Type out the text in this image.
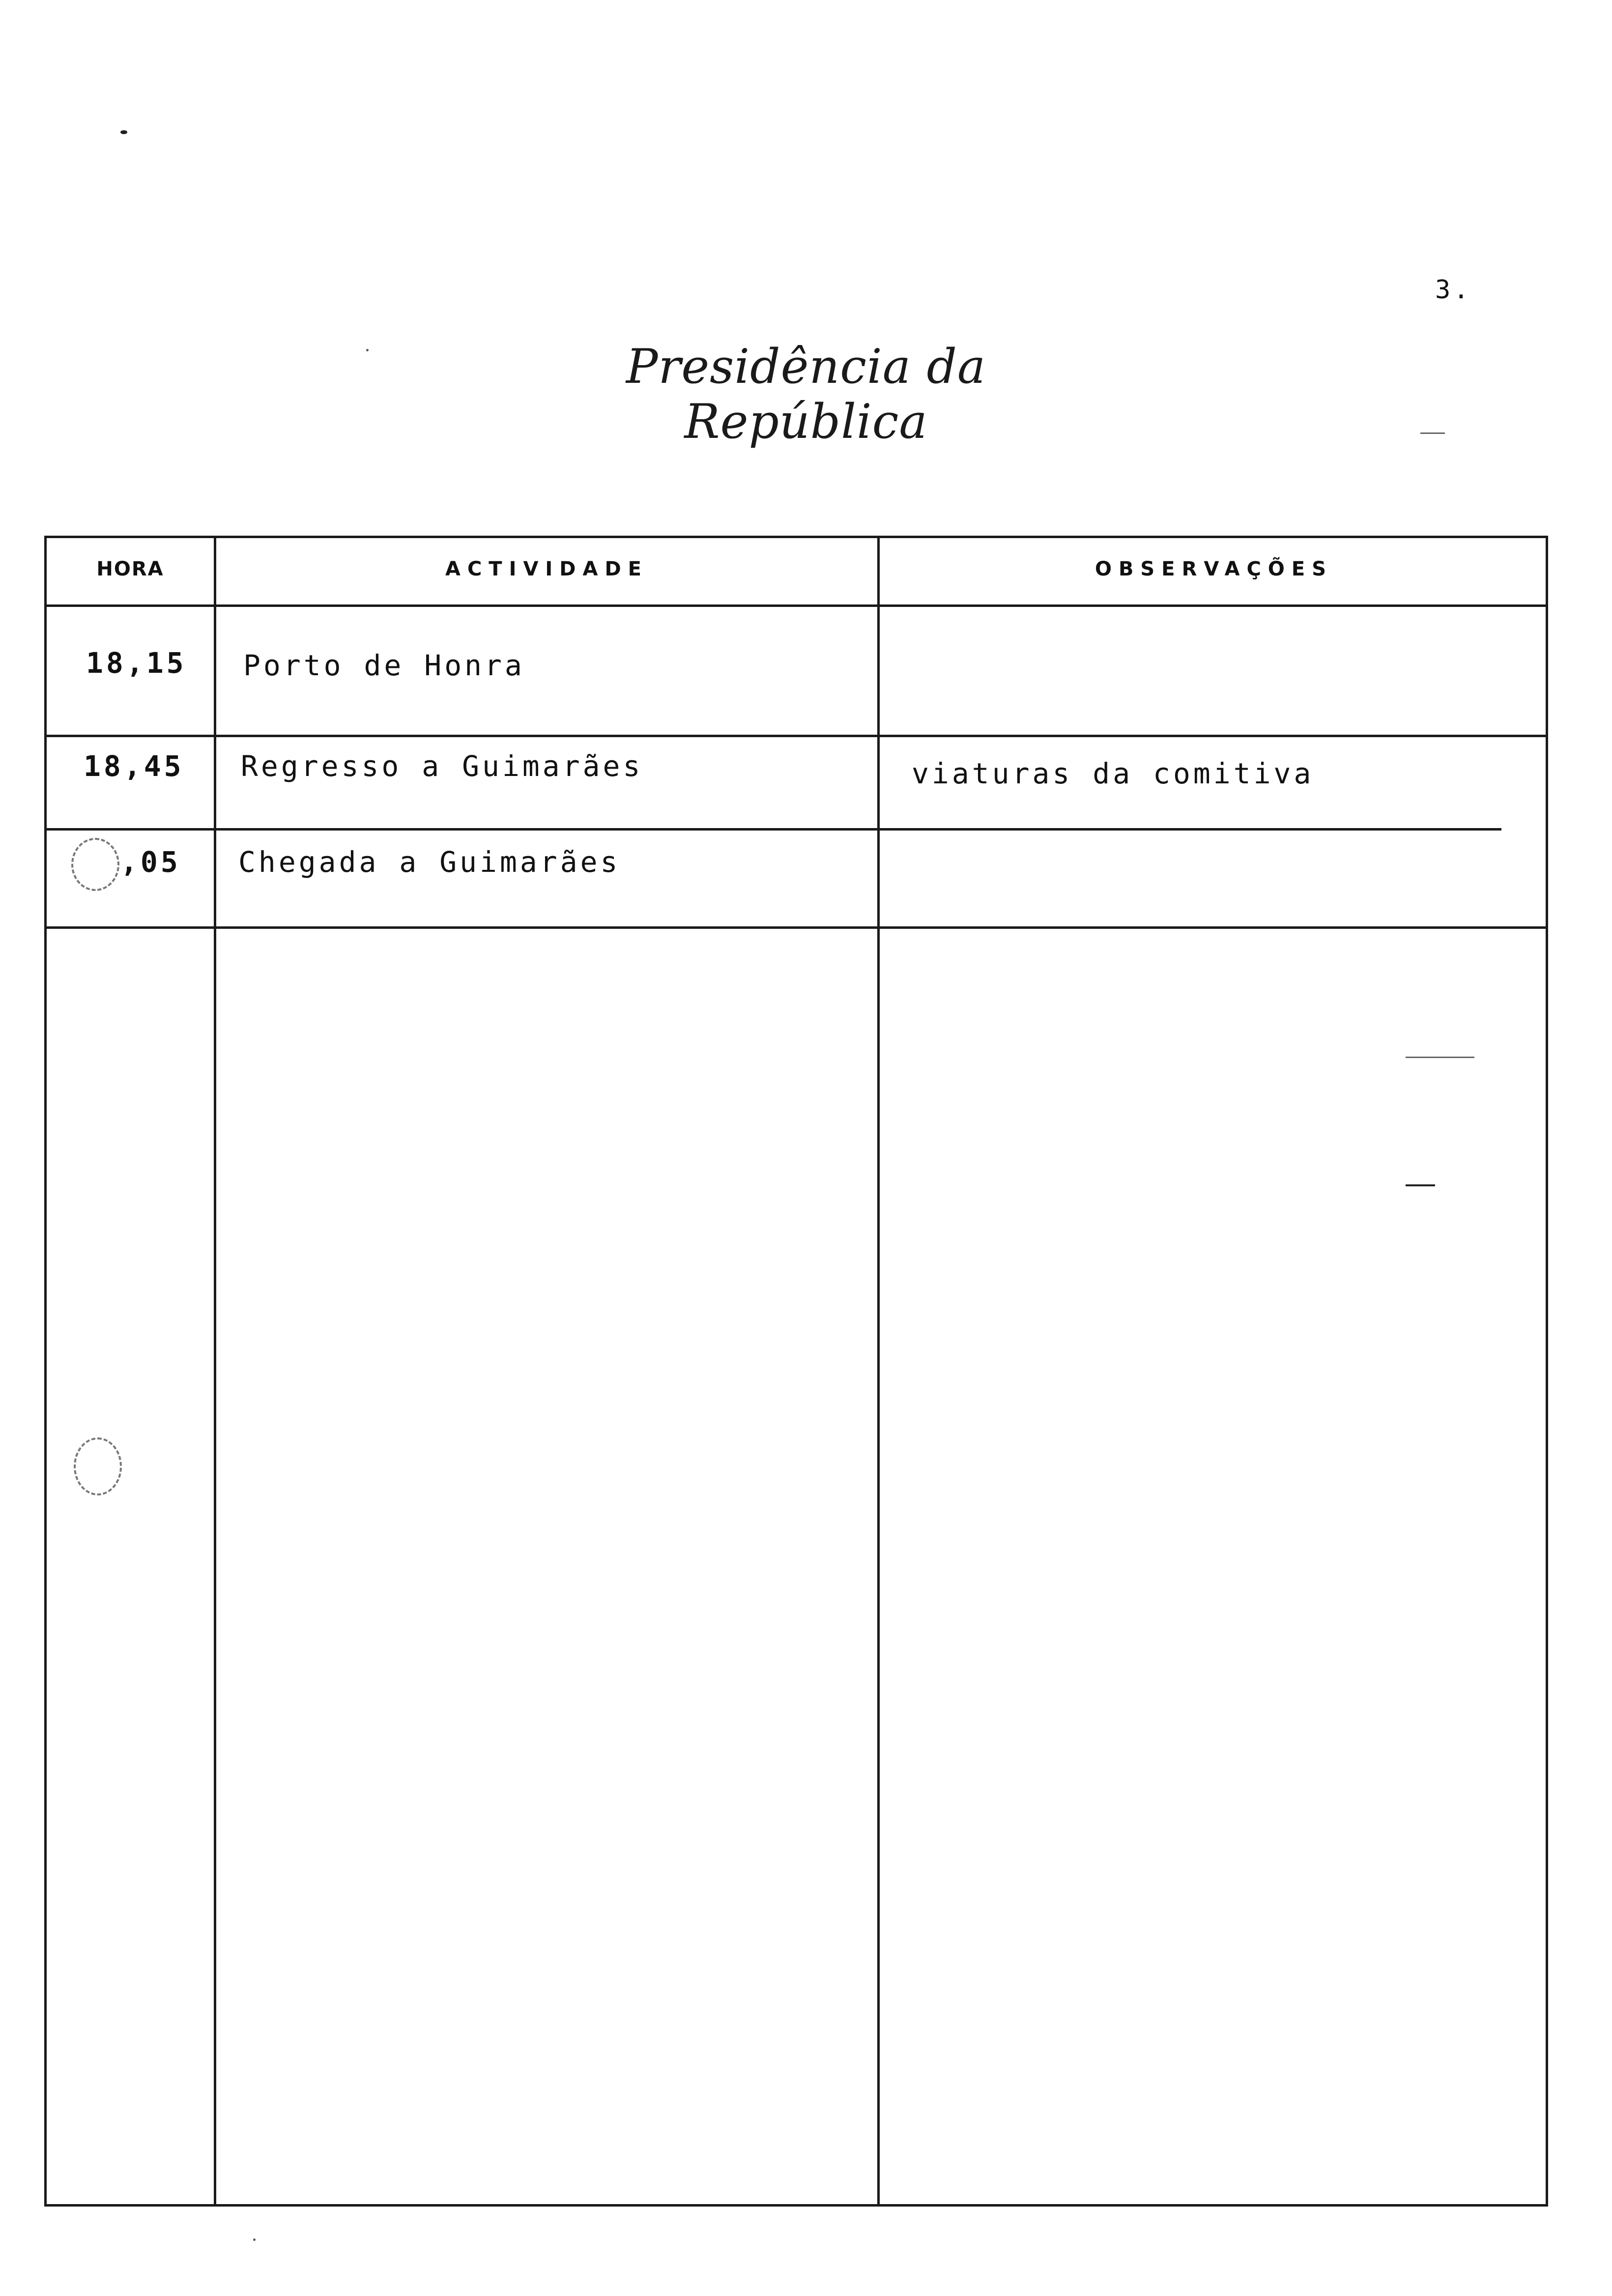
3.
Presidência da República
HORA	ACTIVIDADE	OBSERVAÇÕES
18,15 Porto de Honra
18,45 Regresso a Guimarães	viaturas da comitiva
,05 Chegada a Guimarães
